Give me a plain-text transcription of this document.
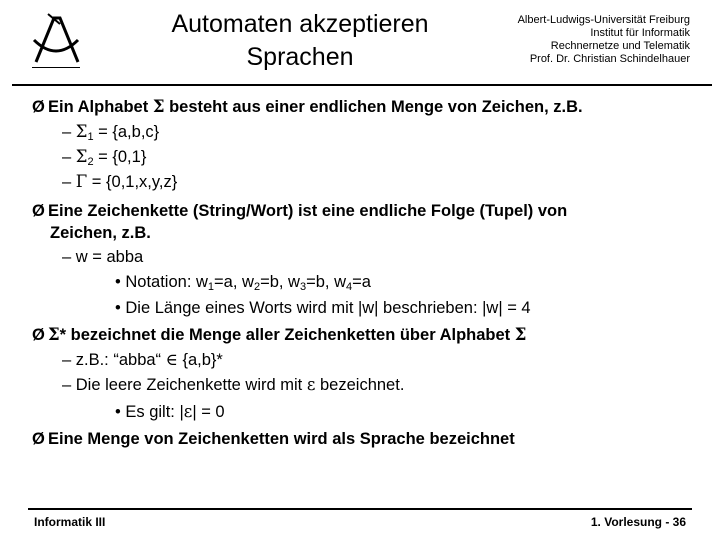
Automaten akzeptieren
Sprachen
Albert-Ludwigs-Universität Freiburg
Institut für Informatik
Rechnernetze und Telematik
Prof. Dr. Christian Schindelhauer
Ø Ein Alphabet Σ besteht aus einer endlichen Menge von Zeichen, z.B.
– $\Sigma_1 = \{a,b,c\}$
– $\Sigma_2 = \{0,1\}$
– Γ = {0,1,x,y,z}
Ø Eine Zeichenkette (String/Wort) ist eine endliche Folge (Tupel) von
Zeichen, z.B.
– w = abba
• Notation: $w_1=a$, $w_2=b$, $w_3=b$, $w_4=a$
• Die Länge eines Worts wird mit |w| beschrieben: |w| = 4
Ø Σ* bezeichnet die Menge aller Zeichenketten über Alphabet Σ
– z.B.: “abba“ ∈ {a,b}*
– Die leere Zeichenkette wird mit ε bezeichnet.
• Es gilt: |ε| = 0
Ø Eine Menge von Zeichenketten wird als Sprache bezeichnet
Informatik III	1. Vorlesung - 36
